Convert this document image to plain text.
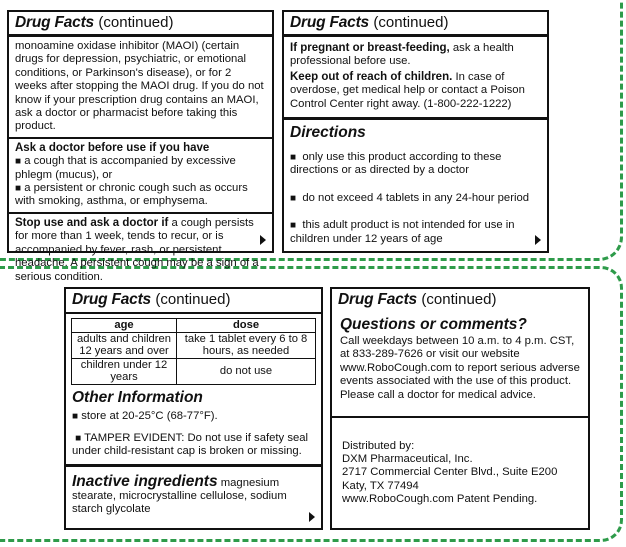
Drug Facts (continued)
monoamine oxidase inhibitor (MAOI) (certain drugs for depression, psychiatric, or emotional conditions, or Parkinson's disease), or for 2 weeks after stopping the MAOI drug. If you do not know if your prescription drug contains an MAOI, ask a doctor or pharmacist before taking this product.
Ask a doctor before use if you have
■ a cough that is accompanied by excessive phlegm (mucus), or
■ a persistent or chronic cough such as occurs with smoking, asthma, or emphysema.
Stop use and ask a doctor if a cough persists for more than 1 week, tends to recur, or is accompanied by fever, rash, or persistent headache. A persistent cough may be a sign of a serious condition.
Drug Facts (continued)
If pregnant or breast-feeding, ask a health professional before use.
Keep out of reach of children. In case of overdose, get medical help or contact a Poison Control Center right away. (1-800-222-1222)
Directions
■ only use this product according to these directions or as directed by a doctor
■ do not exceed 4 tablets in any 24-hour period
■ this adult product is not intended for use in children under 12 years of age
Drug Facts (continued)
age	dose
adults and children 12 years and over	take 1 tablet every 6 to 8 hours, as needed
children under 12 years	do not use
Other Information
■ store at 20-25°C (68-77°F).
■ TAMPER EVIDENT: Do not use if safety seal under child-resistant cap is broken or missing.
Inactive ingredients magnesium stearate, microcrystalline cellulose, sodium starch glycolate
Drug Facts (continued)
Questions or comments?
Call weekdays between 10 a.m. to 4 p.m. CST, at 833-289-7626 or visit our website www.RoboCough.com to report serious adverse events associated with the use of this product. Please call a doctor for medical advice.
Distributed by:
DXM Pharmaceutical, Inc.
2717 Commercial Center Blvd., Suite E200
Katy, TX 77494
www.RoboCough.com Patent Pending.
